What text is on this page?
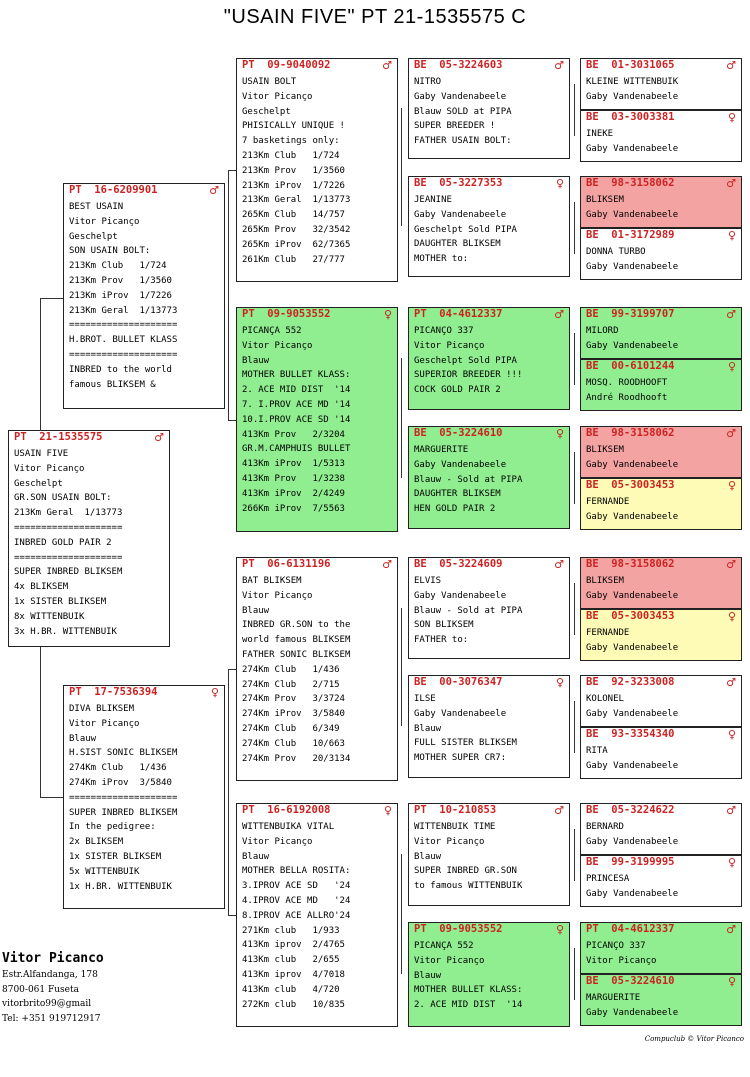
"USAIN FIVE" PT 21-1535575 C
PT  21-1535575	♂
USAIN FIVE
Vitor Picanço
Geschelpt
GR.SON USAIN BOLT:
213Km Geral  1/13773
====================
INBRED GOLD PAIR 2
====================
SUPER INBRED BLIKSEM
4x BLIKSEM
1x SISTER BLIKSEM
8x WITTENBUIK
3x H.BR. WITTENBUIK
PT  16-6209901	♂
BEST USAIN
Vitor Picanço
Geschelpt
SON USAIN BOLT:
213Km Club   1/724
213Km Prov   1/3560
213Km iProv  1/7226
213Km Geral  1/13773
====================
H.BROT. BULLET KLASS
====================
INBRED to the world
famous BLIKSEM &
PT  17-7536394	♀
DIVA BLIKSEM
Vitor Picanço
Blauw
H.SIST SONIC BLIKSEM
274Km Club   1/436
274Km iProv  3/5840
====================
SUPER INBRED BLIKSEM
In the pedigree:
2x BLIKSEM
1x SISTER BLIKSEM
5x WITTENBUIK
1x H.BR. WITTENBUIK
PT  09-9040092	♂
USAIN BOLT
Vitor Picanço
Geschelpt
PHISICALLY UNIQUE !
7 basketings only:
213Km Club   1/724
213Km Prov   1/3560
213Km iProv  1/7226
213Km Geral  1/13773
265Km Club   14/757
265Km Prov   32/3542
265Km iProv  62/7365
261Km Club   27/777
PT  09-9053552	♀
PICANÇA 552
Vitor Picanço
Blauw
MOTHER BULLET KLASS:
2. ACE MID DIST  '14
7. I.PROV ACE MD '14
10.I.PROV ACE SD '14
413Km Prov   2/3204
GR.M.CAMPHUIS BULLET
413Km iProv  1/5313
413Km Prov   1/3238
413Km iProv  2/4249
266Km iProv  7/5563
PT  06-6131196	♂
BAT BLIKSEM
Vitor Picanço
Blauw
INBRED GR.SON to the
world famous BLIKSEM
FATHER SONIC BLIKSEM
274Km Club   1/436
274Km Club   2/715
274Km Prov   3/3724
274Km iProv  3/5840
274Km Club   6/349
274Km Club   10/663
274Km Prov   20/3134
PT  16-6192008	♀
WITTENBUIKA VITAL
Vitor Picanço
Blauw
MOTHER BELLA ROSITA:
3.IPROV ACE SD   '24
4.IPROV ACE MD   '24
8.IPROV ACE ALLRO'24
271Km club   1/933
413Km iprov  2/4765
413Km club   2/655
413Km iprov  4/7018
413Km club   4/720
272Km club   10/835
BE  05-3224603	♂
NITRO
Gaby Vandenabeele
Blauw SOLD at PIPA
SUPER BREEDER !
FATHER USAIN BOLT:
BE  05-3227353	♀
JEANINE
Gaby Vandenabeele
Geschelpt Sold PIPA
DAUGHTER BLIKSEM
MOTHER to:
PT  04-4612337	♂
PICANÇO 337
Vitor Picanço
Geschelpt Sold PIPA
SUPERIOR BREEDER !!!
COCK GOLD PAIR 2
BE  05-3224610	♀
MARGUERITE
Gaby Vandenabeele
Blauw - Sold at PIPA
DAUGHTER BLIKSEM
HEN GOLD PAIR 2
BE  05-3224609	♂
ELVIS
Gaby Vandenabeele
Blauw - Sold at PIPA
SON BLIKSEM
FATHER to:
BE  00-3076347	♀
ILSE
Gaby Vandenabeele
Blauw
FULL SISTER BLIKSEM
MOTHER SUPER CR7:
PT  10-210853	♂
WITTENBUIK TIME
Vitor Picanço
Blauw
SUPER INBRED GR.SON
to famous WITTENBUIK
PT  09-9053552	♀
PICANÇA 552
Vitor Picanço
Blauw
MOTHER BULLET KLASS:
2. ACE MID DIST  '14
BE  01-3031065	♂
KLEINE WITTENBUIK
Gaby Vandenabeele
BE  03-3003381	♀
INEKE
Gaby Vandenabeele
BE  98-3158062	♂
BLIKSEM
Gaby Vandenabeele
BE  01-3172989	♀
DONNA TURBO
Gaby Vandenabeele
BE  99-3199707	♂
MILORD
Gaby Vandenabeele
BE  00-6101244	♀
MOSQ. ROODHOOFT
André Roodhooft
BE  98-3158062	♂
BLIKSEM
Gaby Vandenabeele
BE  05-3003453	♀
FERNANDE
Gaby Vandenabeele
BE  98-3158062	♂
BLIKSEM
Gaby Vandenabeele
BE  05-3003453	♀
FERNANDE
Gaby Vandenabeele
BE  92-3233008	♂
KOLONEL
Gaby Vandenabeele
BE  93-3354340	♀
RITA
Gaby Vandenabeele
BE  05-3224622	♂
BERNARD
Gaby Vandenabeele
BE  99-3199995	♀
PRINCESA
Gaby Vandenabeele
PT  04-4612337	♂
PICANÇO 337
Vitor Picanço
BE  05-3224610	♀
MARGUERITE
Gaby Vandenabeele
Vitor Picanco
Estr.Alfandanga, 178
8700-061 Fuseta
vitorbrito99@gmail
Tel: +351 919712917
Compuclub © Vitor Picanco
